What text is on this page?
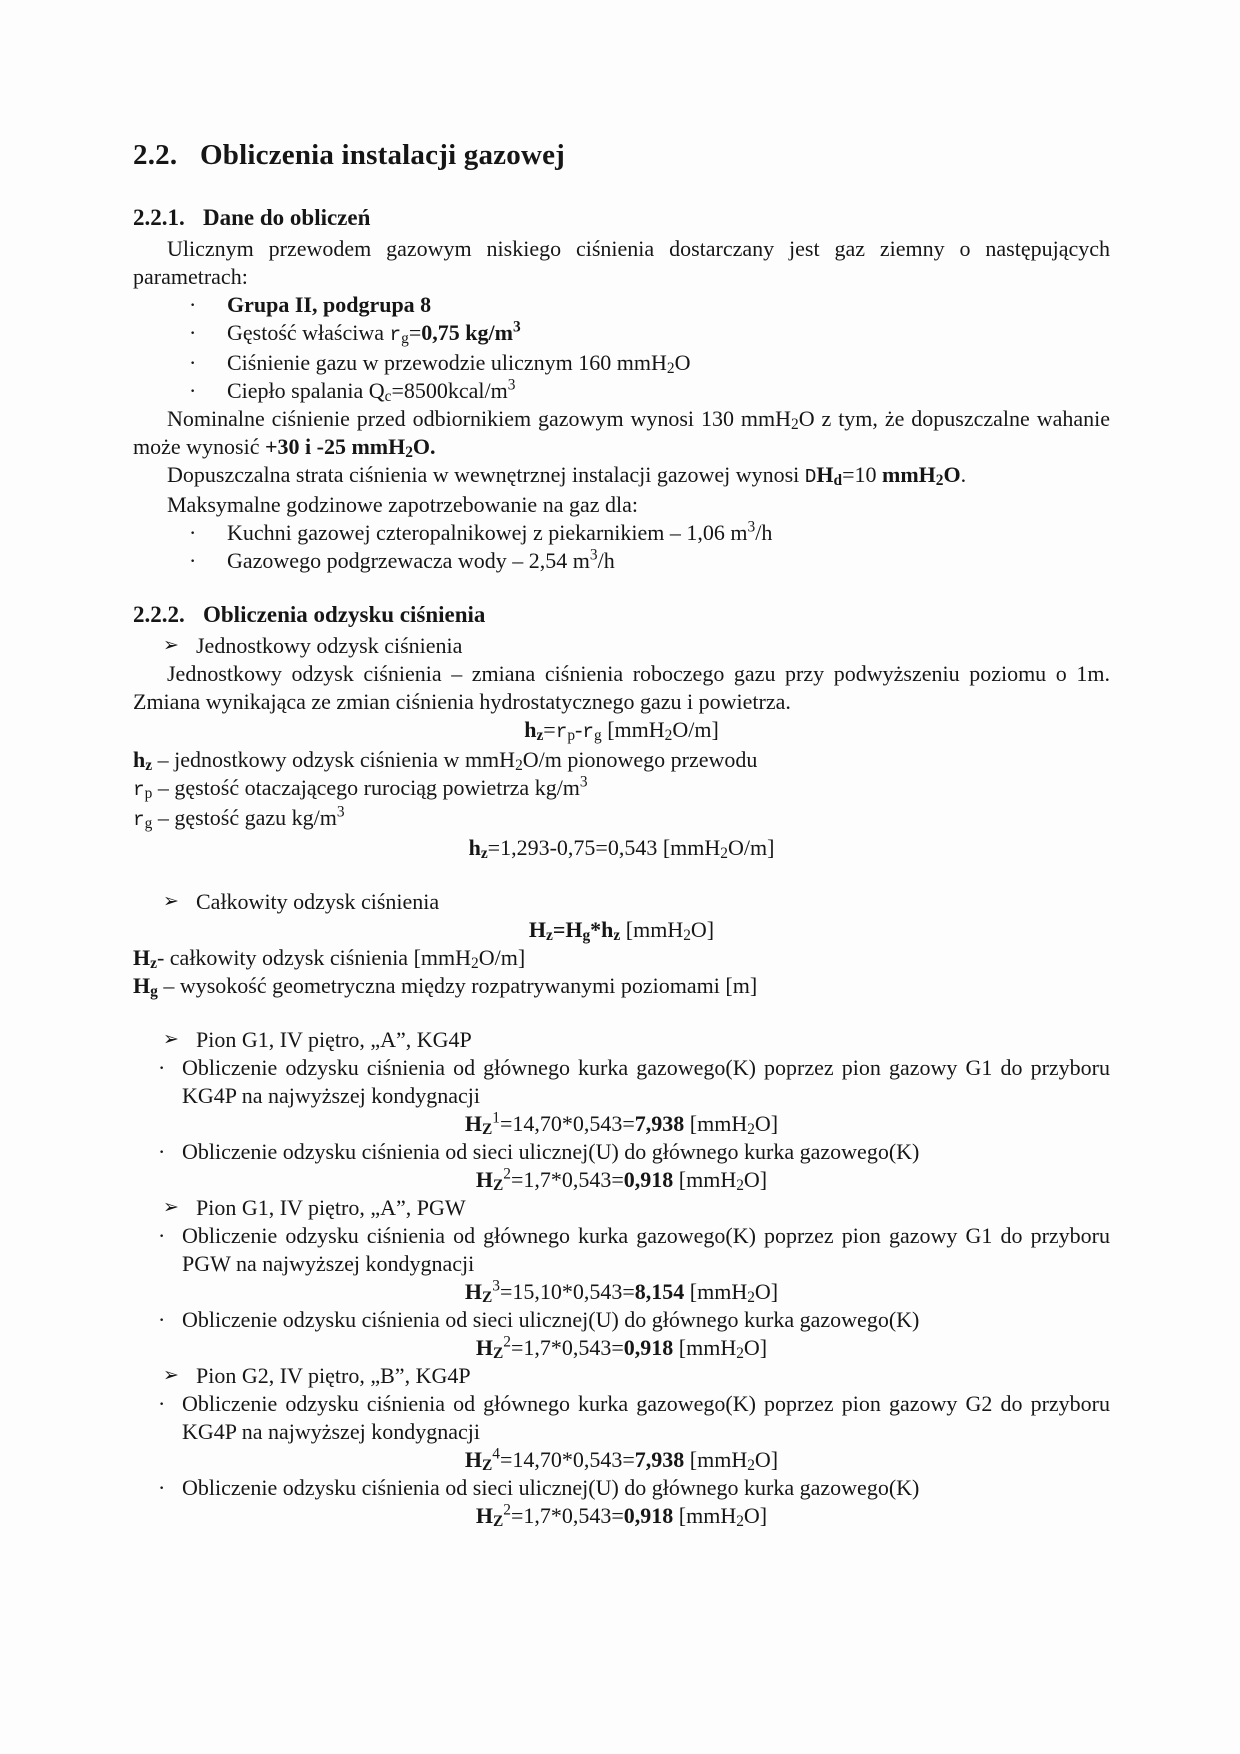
2.2. Obliczenia instalacji gazowej
2.2.1. Dane do obliczeń
Ulicznym przewodem gazowym niskiego ciśnienia dostarczany jest gaz ziemny o następujących parametrach:
·	Grupa II, podgrupa 8
·	Gęstość właściwa $r_g=0,75$ $kg/m^3$
·	Ciśnienie gazu w przewodzie ulicznym 160 mmH$_2$O
·	Ciepło spalania $Q_c=8500kcal/m^3$
Nominalne ciśnienie przed odbiornikiem gazowym wynosi 130 mmH$_2$O z tym, że dopuszczalne wahanie może wynosić +30 i -25 mmH$_2$O.
Dopuszczalna strata ciśnienia w wewnętrznej instalacji gazowej wynosi $DH_d=10$ mmH$_2$O.
Maksymalne godzinowe zapotrzebowanie na gaz dla:
·	Kuchni gazowej czteropalnikowej z piekarnikiem – 1,06 $m^3/h$
·	Gazowego podgrzewacza wody – 2,54 $m^3/h$
2.2.2. Obliczenia odzysku ciśnienia
➢ Jednostkowy odzysk ciśnienia
Jednostkowy odzysk ciśnienia – zmiana ciśnienia roboczego gazu przy podwyższeniu poziomu o 1m. Zmiana wynikająca ze zmian ciśnienia hydrostatycznego gazu i powietrza.
$h_z=r_p-r_g$ [mmH$_2$O/m]
$h_z$ – jednostkowy odzysk ciśnienia w mmH$_2$O/m pionowego przewodu
$r_p$ – gęstość otaczającego rurociąg powietrza $kg/m^3$
$r_g$ – gęstość gazu $kg/m^3$
$h_z=1,293-0,75=0,543$ [mmH$_2$O/m]
➢ Całkowity odzysk ciśnienia
$H_z=H_g*h_z$ [mmH$_2$O]
$H_z-$ całkowity odzysk ciśnienia [mmH$_2$O/m]
$H_g$ – wysokość geometryczna między rozpatrywanymi poziomami [m]
➢ Pion G1, IV piętro, „A”, KG4P
· Obliczenie odzysku ciśnienia od głównego kurka gazowego(K) poprzez pion gazowy G1 do przyboru KG4P na najwyższej kondygnacji
$H_Z^1=14,70*0,543=7,938$ [mmH$_2$O]
· Obliczenie odzysku ciśnienia od sieci ulicznej(U) do głównego kurka gazowego(K)
$H_Z^2=1,7*0,543=0,918$ [mmH$_2$O]
➢ Pion G1, IV piętro, „A”, PGW
· Obliczenie odzysku ciśnienia od głównego kurka gazowego(K) poprzez pion gazowy G1 do przyboru PGW na najwyższej kondygnacji
$H_Z^3=15,10*0,543=8,154$ [mmH$_2$O]
· Obliczenie odzysku ciśnienia od sieci ulicznej(U) do głównego kurka gazowego(K)
$H_Z^2=1,7*0,543=0,918$ [mmH$_2$O]
➢ Pion G2, IV piętro, „B”, KG4P
· Obliczenie odzysku ciśnienia od głównego kurka gazowego(K) poprzez pion gazowy G2 do przyboru KG4P na najwyższej kondygnacji
$H_Z^4=14,70*0,543=7,938$ [mmH$_2$O]
· Obliczenie odzysku ciśnienia od sieci ulicznej(U) do głównego kurka gazowego(K)
$H_Z^2=1,7*0,543=0,918$ [mmH$_2$O]
